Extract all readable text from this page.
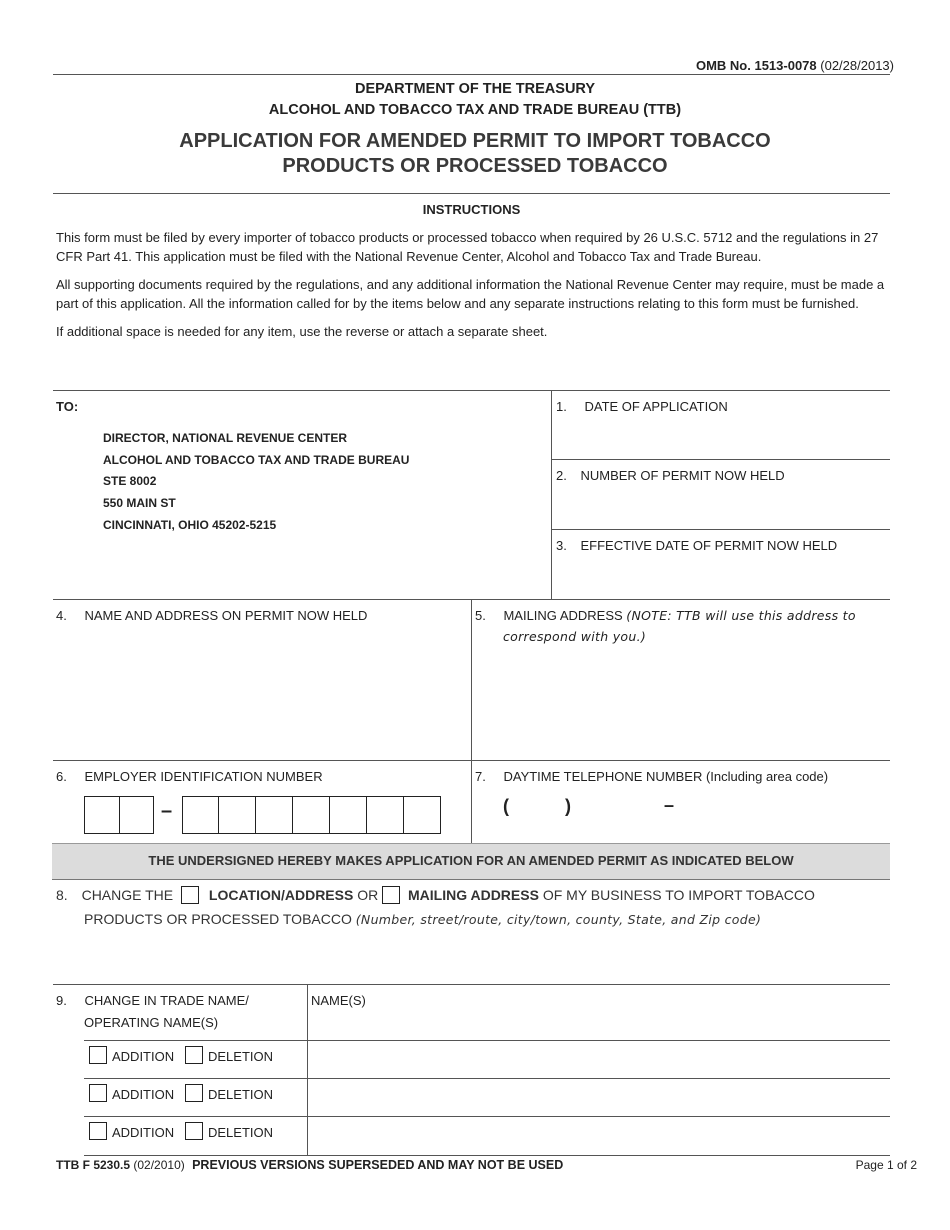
OMB No. 1513-0078 (02/28/2013)
DEPARTMENT OF THE TREASURY
ALCOHOL AND TOBACCO TAX AND TRADE BUREAU (TTB)
APPLICATION FOR AMENDED PERMIT TO IMPORT TOBACCO
PRODUCTS OR PROCESSED TOBACCO
INSTRUCTIONS

This form must be filed by every importer of tobacco products or processed tobacco when required by 26 U.S.C. 5712 and the regulations in 27 CFR Part 41. This application must be filed with the National Revenue Center, Alcohol and Tobacco Tax and Trade Bureau.

All supporting documents required by the regulations, and any additional information the National Revenue Center may require, must be made a part of this application. All the information called for by the items below and any separate instructions relating to this form must be furnished.

If additional space is needed for any item, use the reverse or attach a separate sheet.

TO:
DIRECTOR, NATIONAL REVENUE CENTER
ALCOHOL AND TOBACCO TAX AND TRADE BUREAU
STE 8002
550 MAIN ST
CINCINNATI, OHIO 45202-5215
1. DATE OF APPLICATION
2. NUMBER OF PERMIT NOW HELD
3. EFFECTIVE DATE OF PERMIT NOW HELD
4. NAME AND ADDRESS ON PERMIT NOW HELD	5. MAILING ADDRESS (NOTE: TTB will use this address to
correspond with you.)
6. EMPLOYER IDENTIFICATION NUMBER
–
7. DAYTIME TELEPHONE NUMBER (Including area code)
(	)	–
THE UNDERSIGNED HEREBY MAKES APPLICATION FOR AN AMENDED PERMIT AS INDICATED BELOW
8. CHANGE THE	LOCATION/ADDRESS OR MAILING ADDRESS OF MY BUSINESS TO IMPORT TOBACCO
PRODUCTS OR PROCESSED TOBACCO (Number, street/route, city/town, county, State, and Zip code)
9. CHANGE IN TRADE NAME/
OPERATING NAME(S)
NAME(S)
ADDITION	DELETION
ADDITION	DELETION
ADDITION	DELETION
TTB F 5230.5 (02/2010) PREVIOUS VERSIONS SUPERSEDED AND MAY NOT BE USED	Page 1 of 2
